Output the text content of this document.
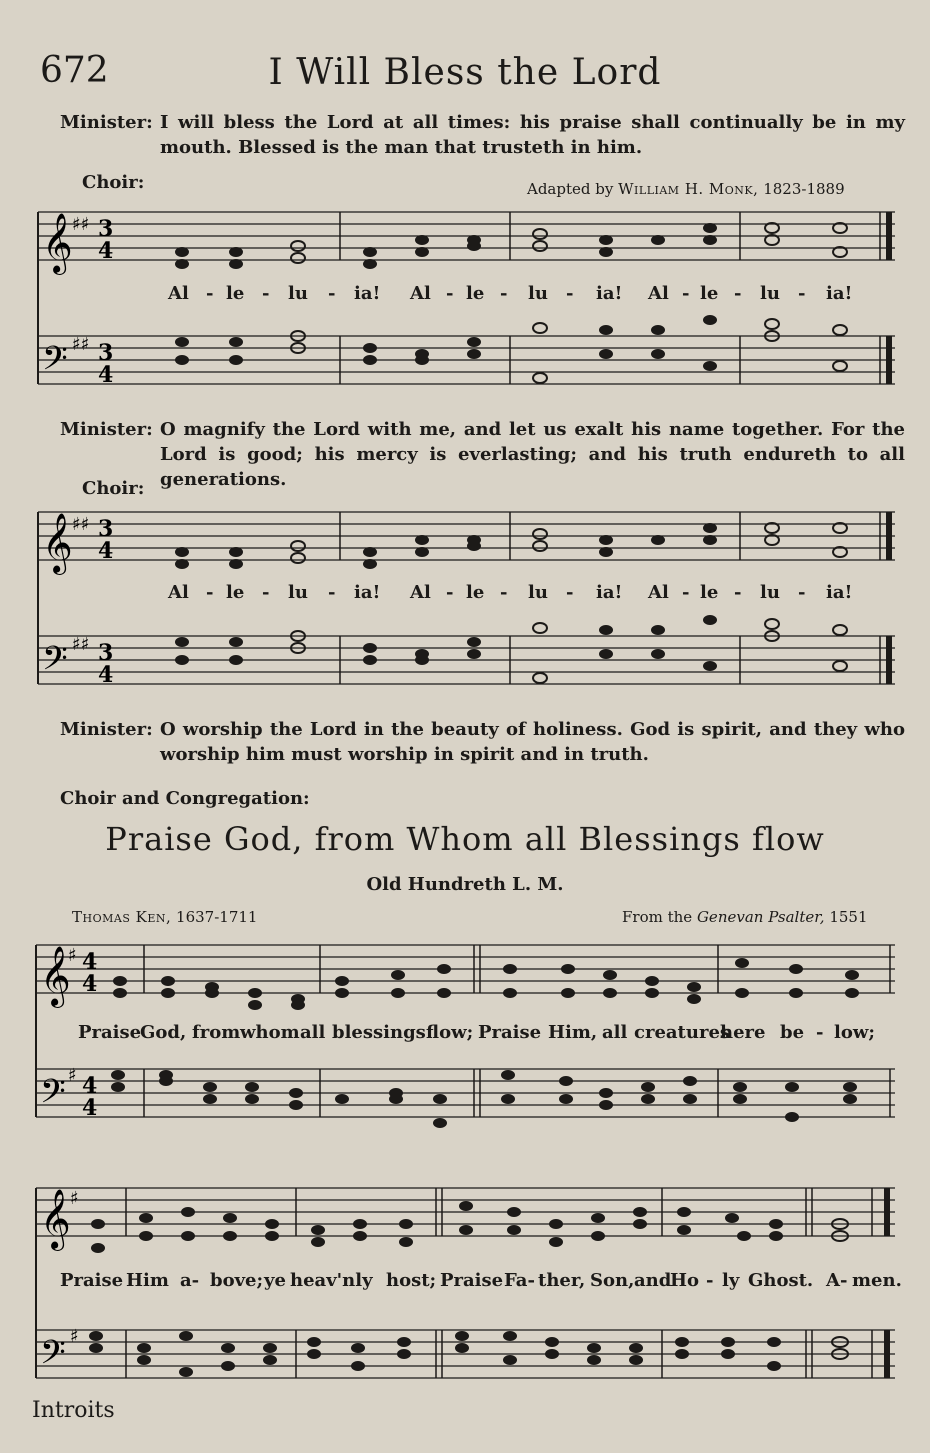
672	I Will Bless the Lord
Minister: I will bless the Lord at all times: his praise shall continually be in my mouth. Blessed is the man that trusteth in him.
Choir:	Adapted by William H. Monk, 1823-1889
𝄞
𝄢
♯♯
♯♯
3
4
3
4
Al - le - lu - ia! Al - le - lu - ia! Al - le - lu - ia!
Minister: O magnify the Lord with me, and let us exalt his name together. For the Lord is good; his mercy is everlasting; and his truth endureth to all generations.
Choir:
𝄞
𝄢
♯♯
♯♯
3
4
3
4
Al - le - lu - ia! Al - le - lu - ia! Al - le - lu - ia!
Minister: O worship the Lord in the beauty of holiness. God is spirit, and they who worship him must worship in spirit and in truth.
Choir and Congregation:
Praise God, from Whom all Blessings flow
Old Hundreth L. M.
Thomas Ken, 1637-1711	From the Genevan Psalter, 1551
𝄞
𝄢
♯
♯
4
4
4
4
Praise
God, from whom all blessings flow; Praise Him, all creatures
here be - low;
𝄞
𝄢
♯
♯
Praise Him a- bove; ye heav'nly host; Praise Fa- ther, Son, and
Ho - ly Ghost. A- men.
Introits
